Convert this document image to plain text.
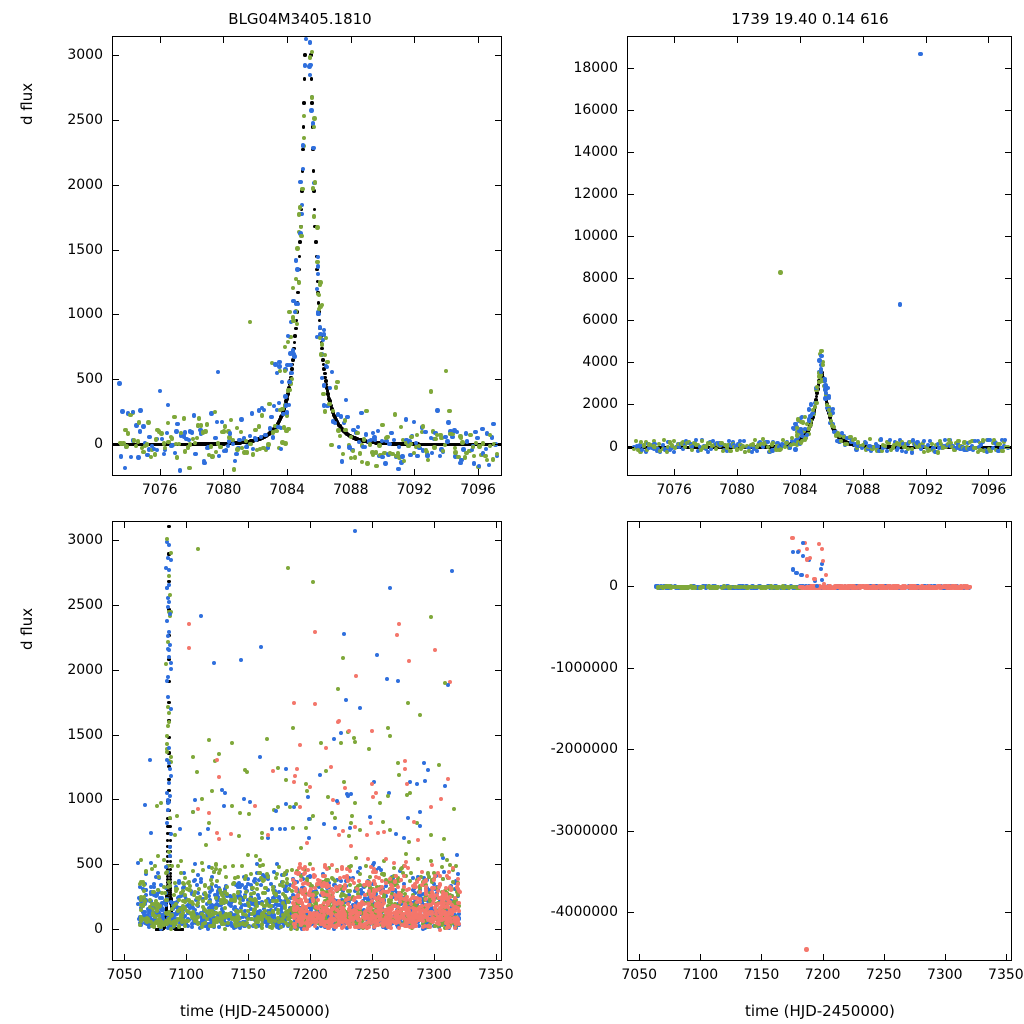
BLG04M3405.1810
d flux
1739 19.40 0.14 616
d flux
time (HJD-2450000)	time (HJD-2450000)
7076 7080 7084 7088 7092 7096
0
500
1000
1500
2000
2500
3000
7076 7080 7084 7088 7092 7096
0
2000
4000
6000
8000
10000
12000
14000
16000
18000
7050 7100 7150 7200 7250 7300 7350
0
500
1000
1500
2000
2500
3000
7050 7100 7150 7200 7250 7300 7350
0
-1000000
-2000000
-3000000
-4000000
